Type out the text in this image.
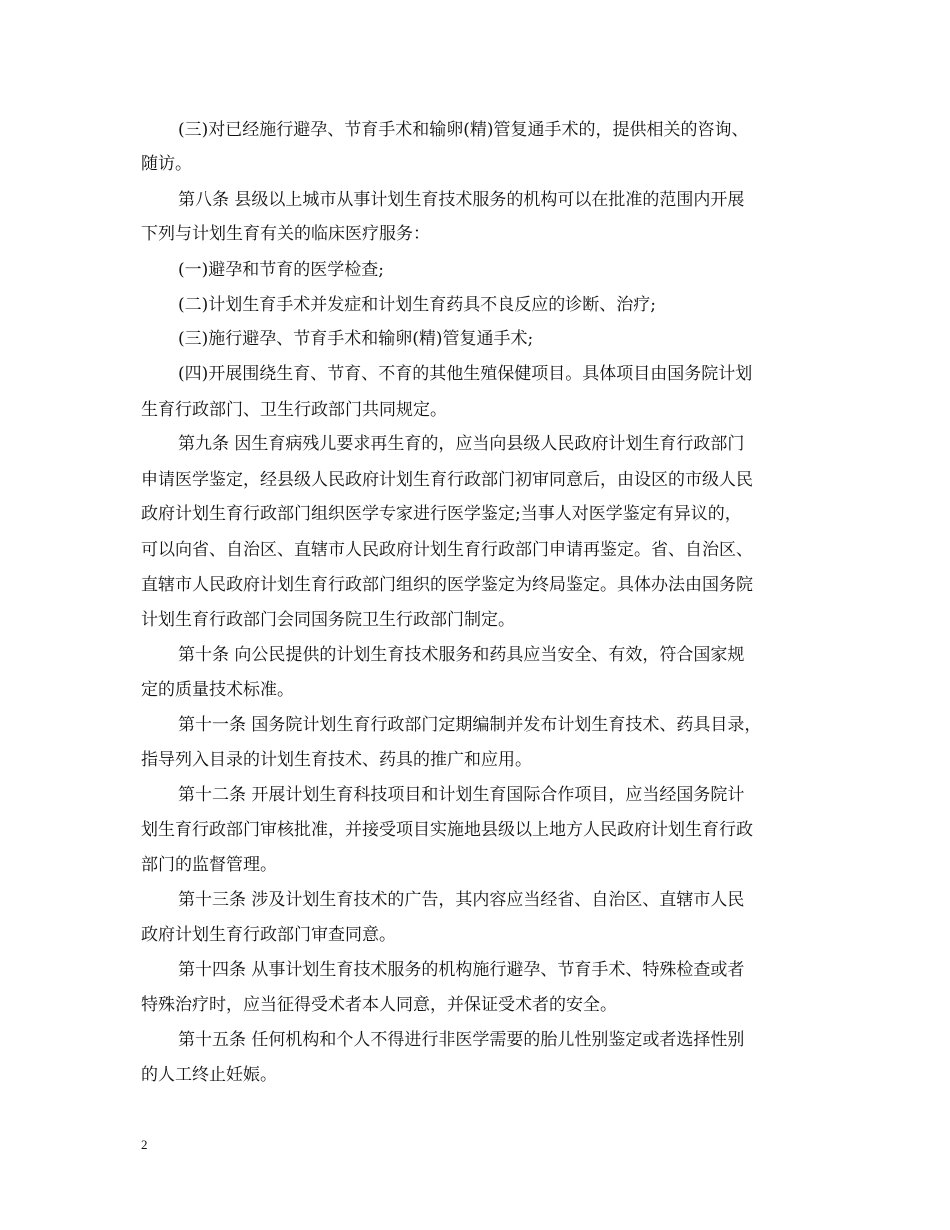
(三)对已经施行避孕、节育手术和输卵(精)管复通手术的，提供相关的咨询、
随访。
第八条 县级以上城市从事计划生育技术服务的机构可以在批准的范围内开展
下列与计划生育有关的临床医疗服务：
(一)避孕和节育的医学检查;
(二)计划生育手术并发症和计划生育药具不良反应的诊断、治疗;
(三)施行避孕、节育手术和输卵(精)管复通手术;
(四)开展围绕生育、节育、不育的其他生殖保健项目。具体项目由国务院计划
生育行政部门、卫生行政部门共同规定。
第九条 因生育病残儿要求再生育的，应当向县级人民政府计划生育行政部门
申请医学鉴定，经县级人民政府计划生育行政部门初审同意后，由设区的市级人民
政府计划生育行政部门组织医学专家进行医学鉴定;当事人对医学鉴定有异议的，
可以向省、自治区、直辖市人民政府计划生育行政部门申请再鉴定。省、自治区、
直辖市人民政府计划生育行政部门组织的医学鉴定为终局鉴定。具体办法由国务院
计划生育行政部门会同国务院卫生行政部门制定。
第十条 向公民提供的计划生育技术服务和药具应当安全、有效，符合国家规
定的质量技术标准。
第十一条 国务院计划生育行政部门定期编制并发布计划生育技术、药具目录，
指导列入目录的计划生育技术、药具的推广和应用。
第十二条 开展计划生育科技项目和计划生育国际合作项目，应当经国务院计
划生育行政部门审核批准，并接受项目实施地县级以上地方人民政府计划生育行政
部门的监督管理。
第十三条 涉及计划生育技术的广告，其内容应当经省、自治区、直辖市人民
政府计划生育行政部门审查同意。
第十四条 从事计划生育技术服务的机构施行避孕、节育手术、特殊检查或者
特殊治疗时，应当征得受术者本人同意，并保证受术者的安全。
第十五条 任何机构和个人不得进行非医学需要的胎儿性别鉴定或者选择性别
的人工终止妊娠。
2
